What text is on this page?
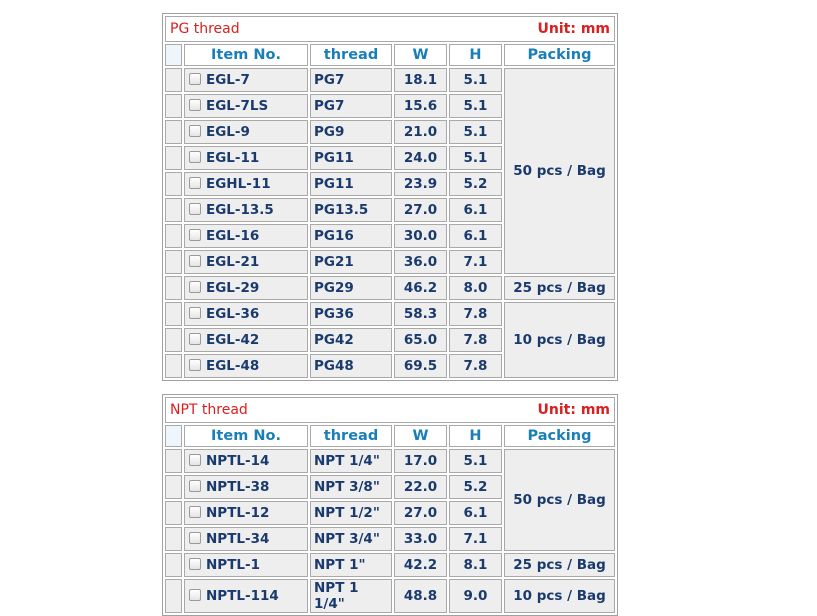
PG thread Unit: mm					

	Item No.	thread	W	H	Packing
	EGL-7	PG7	18.1	5.1	50 pcs / Bag
	EGL-7LS	PG7	15.6	5.1	
	EGL-9	PG9	21.0	5.1	
	EGL-11	PG11	24.0	5.1	
	EGHL-11	PG11	23.9	5.2	
	EGL-13.5	PG13.5	27.0	6.1	
	EGL-16	PG16	30.0	6.1	
	EGL-21	PG21	36.0	7.1	
	EGL-29	PG29	46.2	8.0	25 pcs / Bag
	EGL-36	PG36	58.3	7.8	10 pcs / Bag
	EGL-42	PG42	65.0	7.8	
	EGL-48	PG48	69.5	7.8	
NPT thread Unit: mm					

	Item No.	thread	W	H	Packing
	NPTL-14	NPT 1/4"	17.0	5.1	50 pcs / Bag
	NPTL-38	NPT 3/8"	22.0	5.2	
	NPTL-12	NPT 1/2"	27.0	6.1	
	NPTL-34	NPT 3/4"	33.0	7.1	
	NPTL-1	NPT 1"	42.2	8.1	25 pcs / Bag
	NPTL-114	NPT 1 1/4"	48.8	9.0	10 pcs / Bag
